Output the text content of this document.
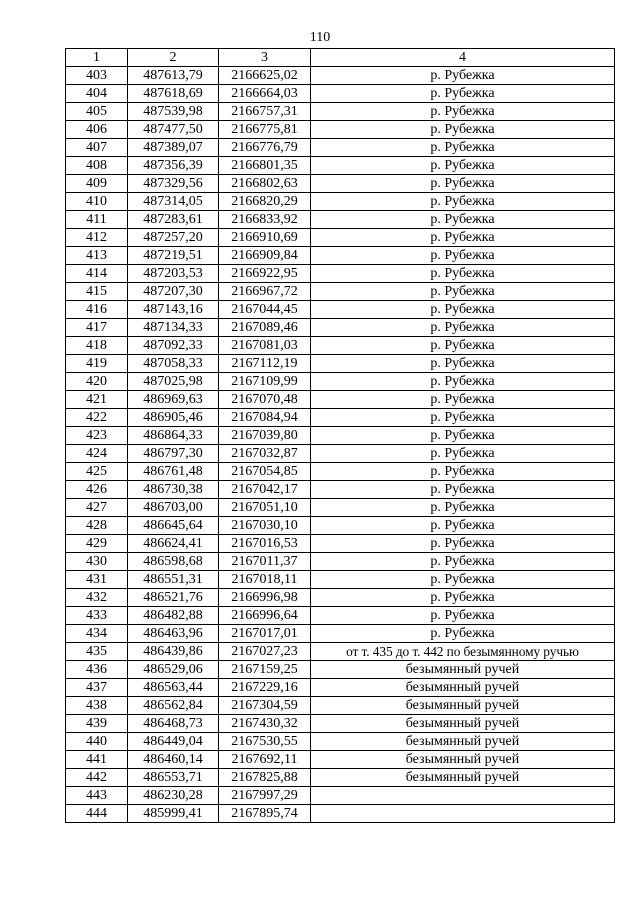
110
1	2	3	4
403	487613,79	2166625,02	р. Рубежка
404	487618,69	2166664,03	р. Рубежка
405	487539,98	2166757,31	р. Рубежка
406	487477,50	2166775,81	р. Рубежка
407	487389,07	2166776,79	р. Рубежка
408	487356,39	2166801,35	р. Рубежка
409	487329,56	2166802,63	р. Рубежка
410	487314,05	2166820,29	р. Рубежка
411	487283,61	2166833,92	р. Рубежка
412	487257,20	2166910,69	р. Рубежка
413	487219,51	2166909,84	р. Рубежка
414	487203,53	2166922,95	р. Рубежка
415	487207,30	2166967,72	р. Рубежка
416	487143,16	2167044,45	р. Рубежка
417	487134,33	2167089,46	р. Рубежка
418	487092,33	2167081,03	р. Рубежка
419	487058,33	2167112,19	р. Рубежка
420	487025,98	2167109,99	р. Рубежка
421	486969,63	2167070,48	р. Рубежка
422	486905,46	2167084,94	р. Рубежка
423	486864,33	2167039,80	р. Рубежка
424	486797,30	2167032,87	р. Рубежка
425	486761,48	2167054,85	р. Рубежка
426	486730,38	2167042,17	р. Рубежка
427	486703,00	2167051,10	р. Рубежка
428	486645,64	2167030,10	р. Рубежка
429	486624,41	2167016,53	р. Рубежка
430	486598,68	2167011,37	р. Рубежка
431	486551,31	2167018,11	р. Рубежка
432	486521,76	2166996,98	р. Рубежка
433	486482,88	2166996,64	р. Рубежка
434	486463,96	2167017,01	р. Рубежка
435	486439,86	2167027,23	от т. 435 до т. 442 по безымянному ручью
436	486529,06	2167159,25	безымянный ручей
437	486563,44	2167229,16	безымянный ручей
438	486562,84	2167304,59	безымянный ручей
439	486468,73	2167430,32	безымянный ручей
440	486449,04	2167530,55	безымянный ручей
441	486460,14	2167692,11	безымянный ручей
442	486553,71	2167825,88	безымянный ручей
443	486230,28	2167997,29	
444	485999,41	2167895,74	
